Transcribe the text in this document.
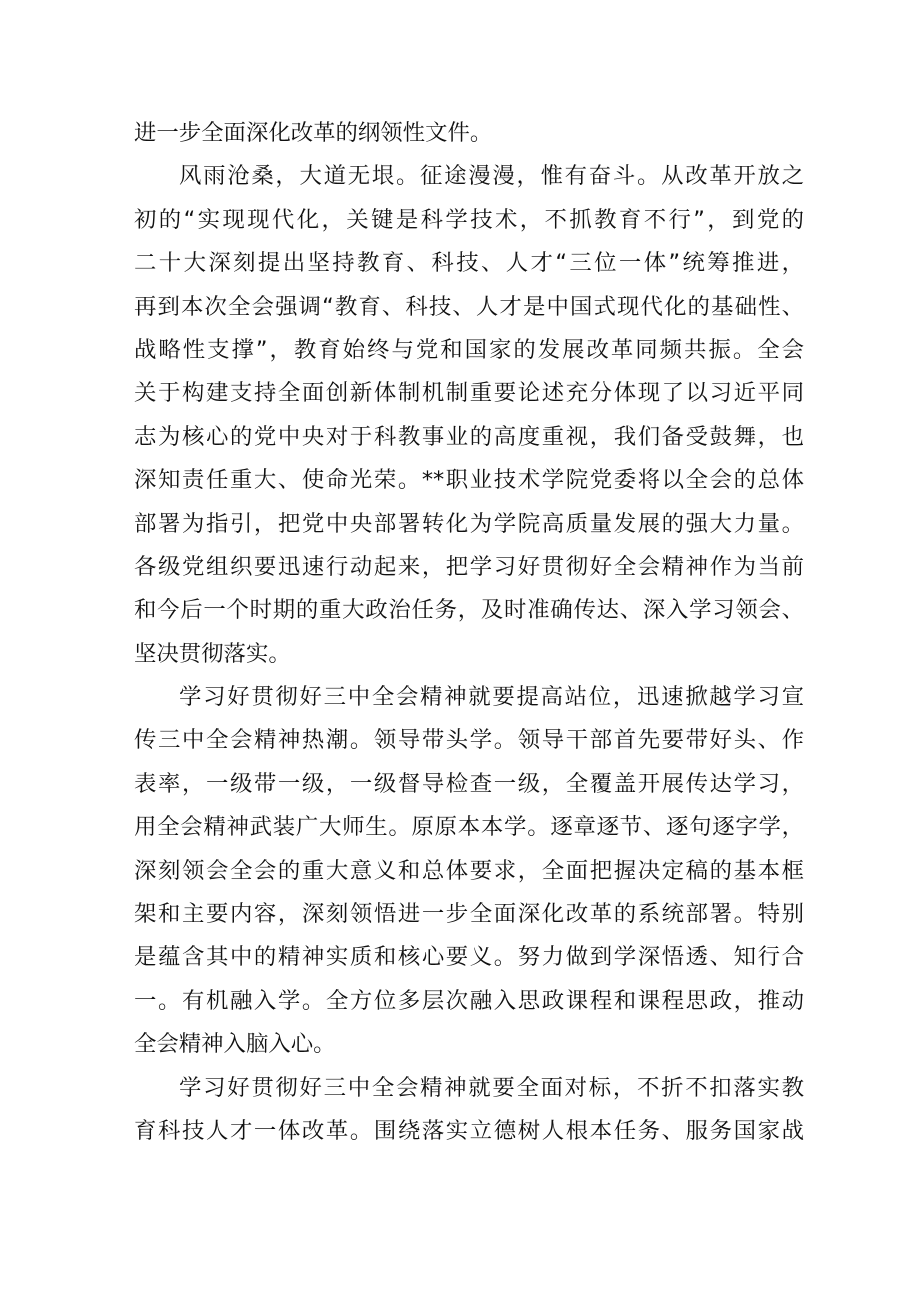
进一步全面深化改革的纲领性文件。
风雨沧桑，大道无垠。征途漫漫，惟有奋斗。从改革开放之
初的“实现现代化，关键是科学技术，不抓教育不行”，到党的
二十大深刻提出坚持教育、科技、人才“三位一体”统筹推进，
再到本次全会强调“教育、科技、人才是中国式现代化的基础性、
战略性支撑”，教育始终与党和国家的发展改革同频共振。全会
关于构建支持全面创新体制机制重要论述充分体现了以习近平同
志为核心的党中央对于科教事业的高度重视，我们备受鼓舞，也
深知责任重大、使命光荣。**职业技术学院党委将以全会的总体
部署为指引，把党中央部署转化为学院高质量发展的强大力量。
各级党组织要迅速行动起来，把学习好贯彻好全会精神作为当前
和今后一个时期的重大政治任务，及时准确传达、深入学习领会、
坚决贯彻落实。
学习好贯彻好三中全会精神就要提高站位，迅速掀越学习宣
传三中全会精神热潮。领导带头学。领导干部首先要带好头、作
表率，一级带一级，一级督导检查一级，全覆盖开展传达学习，
用全会精神武装广大师生。原原本本学。逐章逐节、逐句逐字学，
深刻领会全会的重大意义和总体要求，全面把握决定稿的基本框
架和主要内容，深刻领悟进一步全面深化改革的系统部署。特别
是蕴含其中的精神实质和核心要义。努力做到学深悟透、知行合
一。有机融入学。全方位多层次融入思政课程和课程思政，推动
全会精神入脑入心。
学习好贯彻好三中全会精神就要全面对标，不折不扣落实教
育科技人才一体改革。围绕落实立德树人根本任务、服务国家战
